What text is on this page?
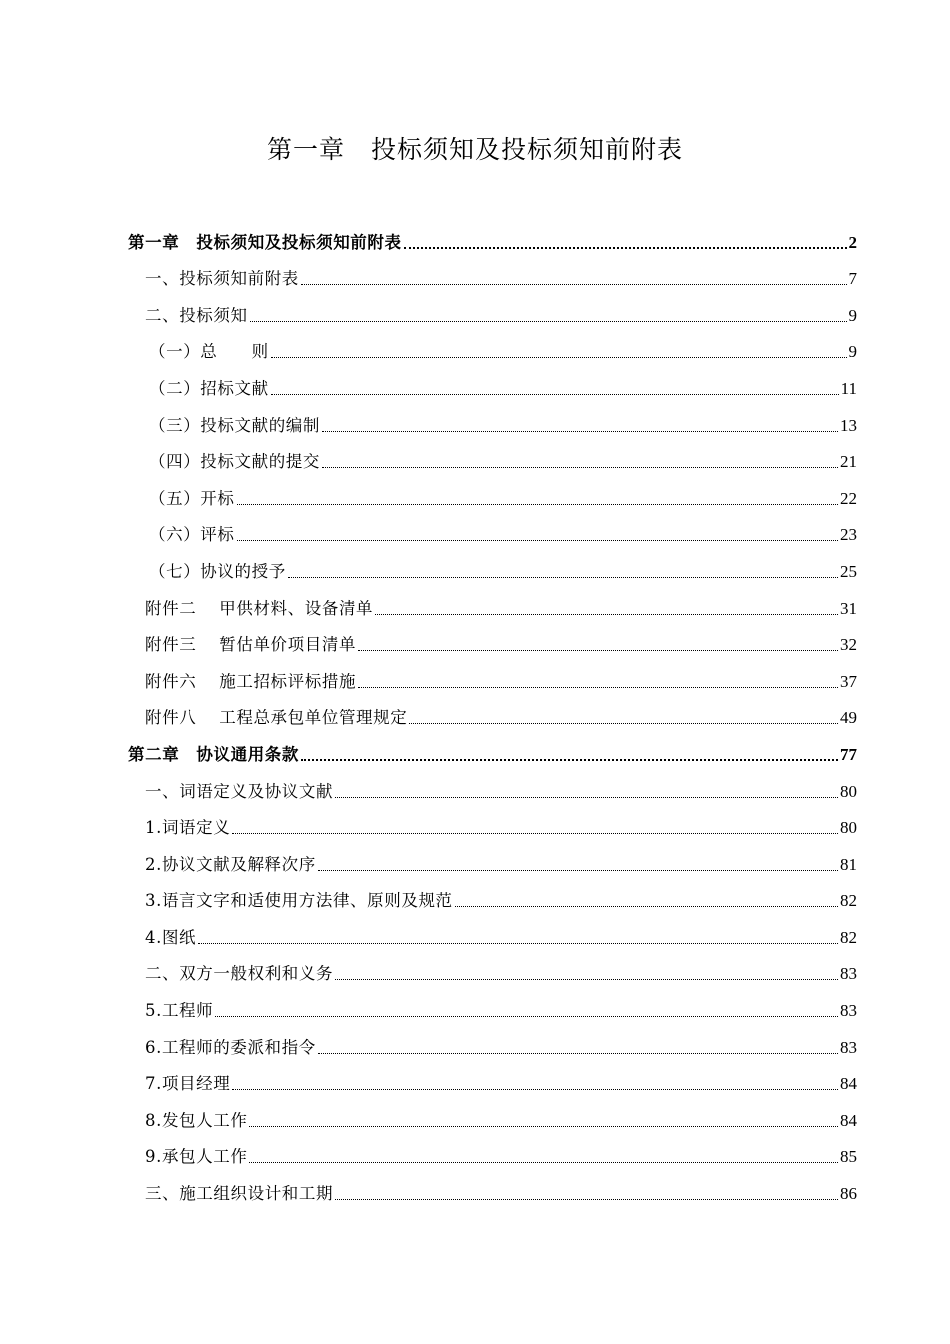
第一章　投标须知及投标须知前附表
第一章　投标须知及投标须知前附表	2
一、投标须知前附表	7
二、投标须知	9
（一）总　　则	9
（二）招标文献	11
（三）投标文献的编制	13
（四）投标文献的提交	21
（五）开标	22
（六）评标	23
（七）协议的授予	25
附件二　 甲供材料、设备清单	31
附件三　 暂估单价项目清单	32
附件六　 施工招标评标措施	37
附件八　 工程总承包单位管理规定	49
第二章　协议通用条款	77
一、词语定义及协议文献	80
1.词语定义	80
2.协议文献及解释次序	81
3.语言文字和适使用方法律、原则及规范	82
4.图纸	82
二、双方一般权利和义务	83
5.工程师	83
6.工程师的委派和指令	83
7.项目经理	84
8.发包人工作	84
9.承包人工作	85
三、施工组织设计和工期	86
